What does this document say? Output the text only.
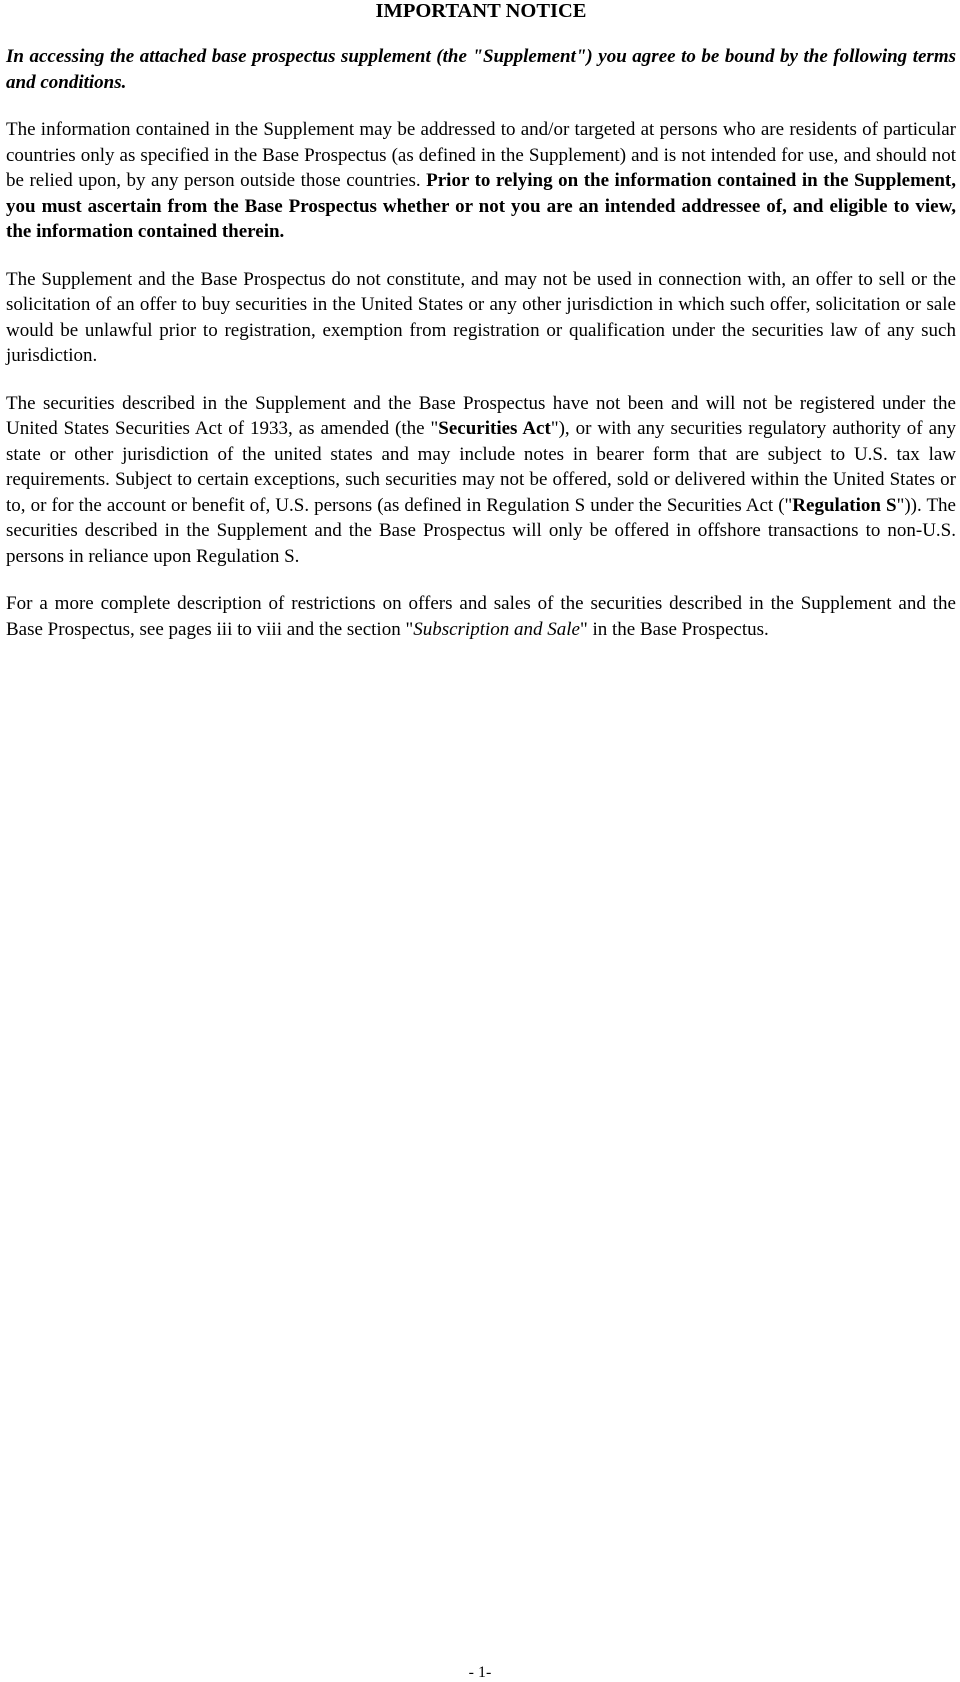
IMPORTANT NOTICE

In accessing the attached base prospectus supplement (the "Supplement") you agree to be bound by the following terms and conditions.

The information contained in the Supplement may be addressed to and/or targeted at persons who are residents of particular countries only as specified in the Base Prospectus (as defined in the Supplement) and is not intended for use, and should not be relied upon, by any person outside those countries. Prior to relying on the information contained in the Supplement, you must ascertain from the Base Prospectus whether or not you are an intended addressee of, and eligible to view, the information contained therein.

The Supplement and the Base Prospectus do not constitute, and may not be used in connection with, an offer to sell or the solicitation of an offer to buy securities in the United States or any other jurisdiction in which such offer, solicitation or sale would be unlawful prior to registration, exemption from registration or qualification under the securities law of any such jurisdiction.

The securities described in the Supplement and the Base Prospectus have not been and will not be registered under the United States Securities Act of 1933, as amended (the "Securities Act"), or with any securities regulatory authority of any state or other jurisdiction of the united states and may include notes in bearer form that are subject to U.S. tax law requirements. Subject to certain exceptions, such securities may not be offered, sold or delivered within the United States or to, or for the account or benefit of, U.S. persons (as defined in Regulation S under the Securities Act ("Regulation S")). The securities described in the Supplement and the Base Prospectus will only be offered in offshore transactions to non-U.S. persons in reliance upon Regulation S.

For a more complete description of restrictions on offers and sales of the securities described in the Supplement and the Base Prospectus, see pages iii to viii and the section "Subscription and Sale" in the Base Prospectus.

- 1-
